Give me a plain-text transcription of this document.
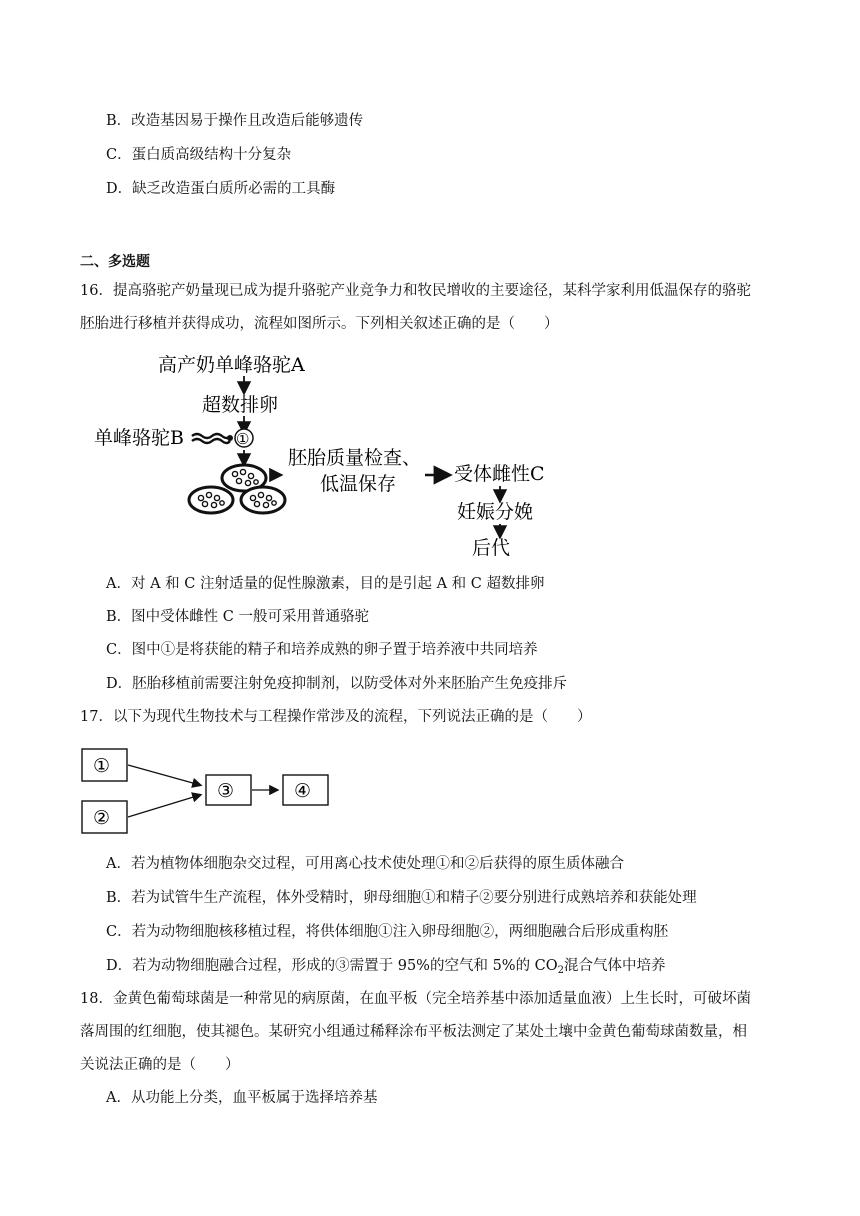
B．改造基因易于操作且改造后能够遗传
C．蛋白质高级结构十分复杂
D．缺乏改造蛋白质所必需的工具酶
二、多选题
16．提高骆驼产奶量现已成为提升骆驼产业竞争力和牧民增收的主要途径，某科学家利用低温保存的骆驼
胚胎进行移植并获得成功，流程如图所示。下列相关叙述正确的是（　　）
高产奶单峰骆驼A
超数排卵
单峰骆驼B	①
胚胎质量检查、
低温保存	受体雌性C
妊娠分娩
后代
A．对 A 和 C 注射适量的促性腺激素，目的是引起 A 和 C 超数排卵
B．图中受体雌性 C 一般可采用普通骆驼
C．图中①是将获能的精子和培养成熟的卵子置于培养液中共同培养
D．胚胎移植前需要注射免疫抑制剂，以防受体对外来胚胎产生免疫排斥
17．以下为现代生物技术与工程操作常涉及的流程，下列说法正确的是（　　）
①
②
③	④
A．若为植物体细胞杂交过程，可用离心技术使处理①和②后获得的原生质体融合
B．若为试管牛生产流程，体外受精时，卵母细胞①和精子②要分别进行成熟培养和获能处理
C．若为动物细胞核移植过程，将供体细胞①注入卵母细胞②，两细胞融合后形成重构胚
D．若为动物细胞融合过程，形成的③需置于 95%的空气和 5%的 $CO_2$混合气体中培养
18．金黄色葡萄球菌是一种常见的病原菌，在血平板（完全培养基中添加适量血液）上生长时，可破坏菌
落周围的红细胞，使其褪色。某研究小组通过稀释涂布平板法测定了某处土壤中金黄色葡萄球菌数量，相
关说法正确的是（　　）
A．从功能上分类，血平板属于选择培养基
